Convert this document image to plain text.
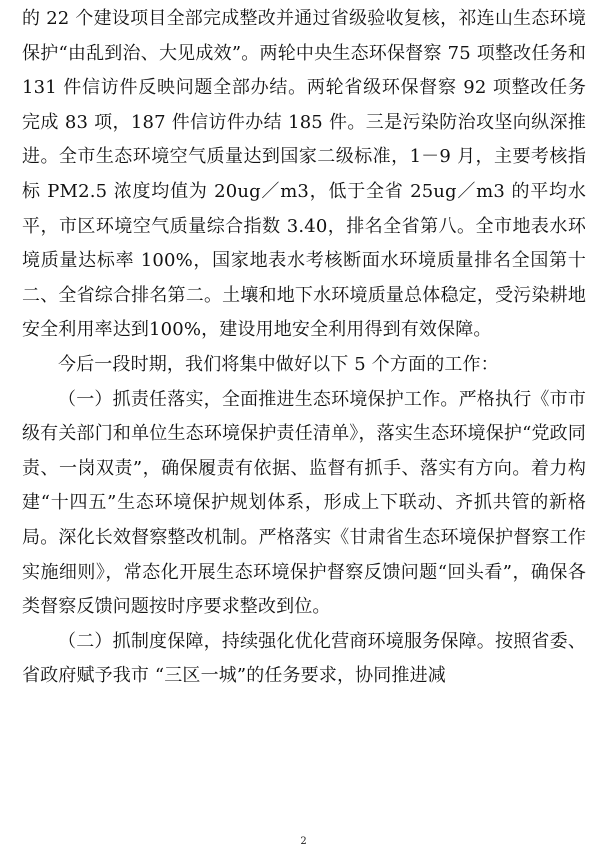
的 22 个建设项目全部完成整改并通过省级验收复核，祁连山生态环境保护“由乱到治、大见成效”。两轮中央生态环保督察 75 项整改任务和 131 件信访件反映问题全部办结。两轮省级环保督察 92 项整改任务完成 83 项，187 件信访件办结 185 件。三是污染防治攻坚向纵深推进。全市生态环境空气质量达到国家二级标准，1－9 月，主要考核指标 PM2.5 浓度均值为 20ug／m3，低于全省 25ug／m3 的平均水平，市区环境空气质量综合指数 3.40，排名全省第八。全市地表水环境质量达标率 100%，国家地表水考核断面水环境质量排名全国第十二、全省综合排名第二。土壤和地下水环境质量总体稳定，受污染耕地安全利用率达到100%，建设用地安全利用得到有效保障。

今后一段时期，我们将集中做好以下 5 个方面的工作：

（一）抓责任落实，全面推进生态环境保护工作。严格执行《市市级有关部门和单位生态环境保护责任清单》，落实生态环境保护“党政同责、一岗双责”，确保履责有依据、监督有抓手、落实有方向。着力构建“十四五”生态环境保护规划体系，形成上下联动、齐抓共管的新格局。深化长效督察整改机制。严格落实《甘肃省生态环境保护督察工作实施细则》，常态化开展生态环境保护督察反馈问题“回头看”，确保各类督察反馈问题按时序要求整改到位。

（二）抓制度保障，持续强化优化营商环境服务保障。按照省委、省政府赋予我市 “三区一城”的任务要求，协同推进减

2
